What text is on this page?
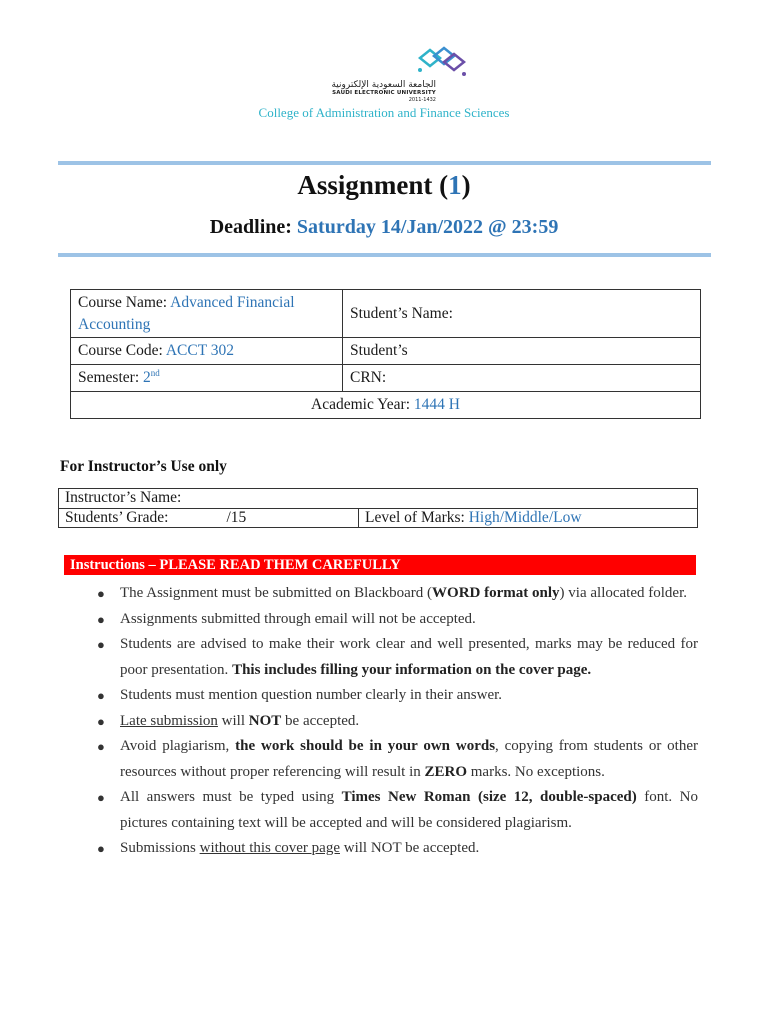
الجامعة السعودية الإلكترونية
SAUDI ELECTRONIC UNIVERSITY
2011-1432
College of Administration and Finance Sciences
Assignment (1)
Deadline: Saturday 14/Jan/2022 @ 23:59
Course Name: Advanced Financial Accounting	Student’s Name:
Course Code: ACCT 302	Student’s
Semester: 2nd	CRN:
Academic Year: 1444 H	
For Instructor’s Use only
Instructor’s Name:
Students’ Grade:	/15	Level of Marks: High/Middle/Low
Instructions – PLEASE READ THEM CAREFULLY
● The Assignment must be submitted on Blackboard (WORD format only) via allocated folder.
● Assignments submitted through email will not be accepted.
● Students are advised to make their work clear and well presented, marks may be reduced for poor presentation. This includes filling your information on the cover page.
● Students must mention question number clearly in their answer.
● Late submission will NOT be accepted.
● Avoid plagiarism, the work should be in your own words, copying from students or other resources without proper referencing will result in ZERO marks. No exceptions.
● All answers must be typed using Times New Roman (size 12, double-spaced) font. No pictures containing text will be accepted and will be considered plagiarism.
● Submissions without this cover page will NOT be accepted.
